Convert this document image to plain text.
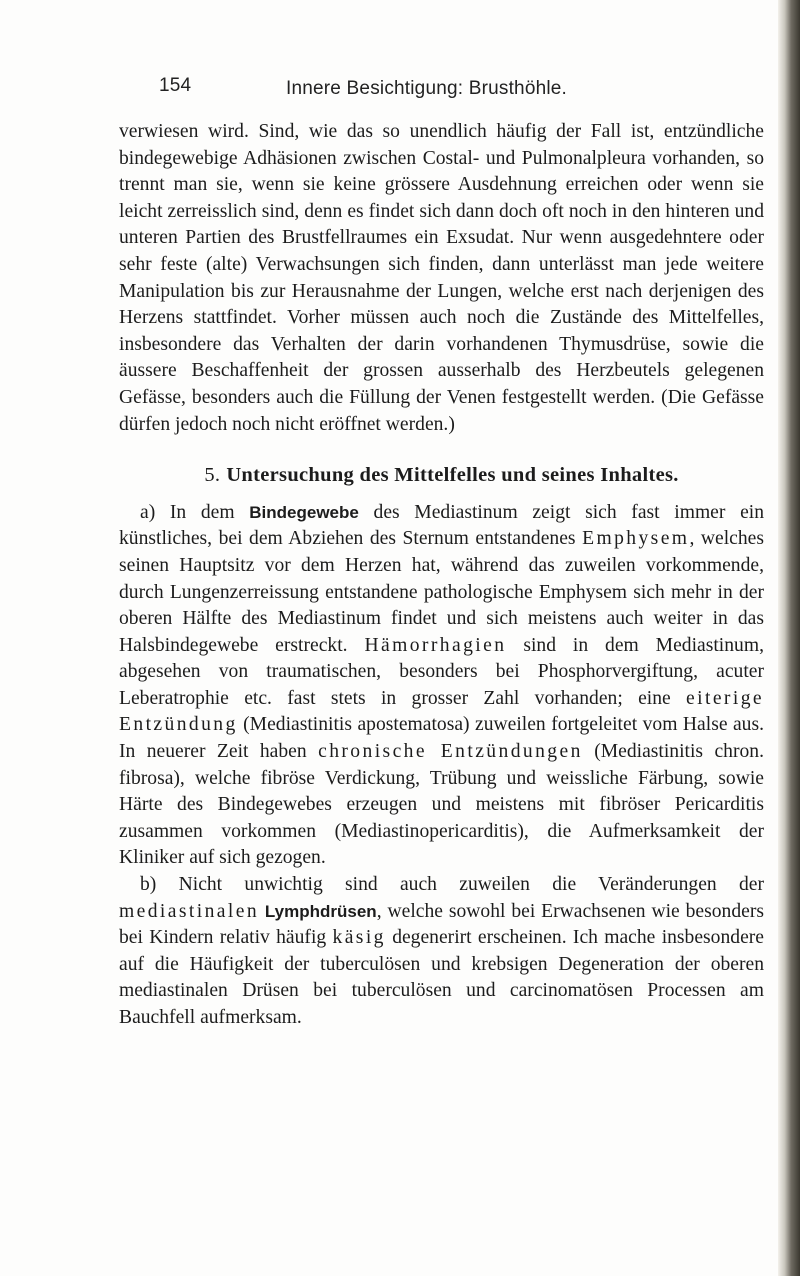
154	Innere Besichtigung: Brusthöhle.

verwiesen wird. Sind, wie das so unendlich häufig der Fall ist, entzündliche bindegewebige Adhäsionen zwischen Costal- und Pulmonalpleura vorhanden, so trennt man sie, wenn sie keine grössere Ausdehnung erreichen oder wenn sie leicht zerreisslich sind, denn es findet sich dann doch oft noch in den hinteren und unteren Partien des Brustfellraumes ein Exsudat. Nur wenn ausgedehntere oder sehr feste (alte) Verwachsungen sich finden, dann unterlässt man jede weitere Manipulation bis zur Herausnahme der Lungen, welche erst nach derjenigen des Herzens stattfindet. Vorher müssen auch noch die Zustände des Mittelfelles, insbesondere das Verhalten der darin vorhandenen Thymusdrüse, sowie die äussere Beschaffenheit der grossen ausserhalb des Herzbeutels gelegenen Gefässe, besonders auch die Füllung der Venen festgestellt werden. (Die Gefässe dürfen jedoch noch nicht eröffnet werden.)

5. Untersuchung des Mittelfelles und seines Inhaltes.

a) In dem Bindegewebe des Mediastinum zeigt sich fast immer ein künstliches, bei dem Abziehen des Sternum entstandenes Emphysem, welches seinen Hauptsitz vor dem Herzen hat, während das zuweilen vorkommende, durch Lungenzerreissung entstandene pathologische Emphysem sich mehr in der oberen Hälfte des Mediastinum findet und sich meistens auch weiter in das Halsbindegewebe erstreckt. Hämorrhagien sind in dem Mediastinum, abgesehen von traumatischen, besonders bei Phosphorvergiftung, acuter Leberatrophie etc. fast stets in grosser Zahl vorhanden; eine eiterige Entzündung (Mediastinitis apostematosa) zuweilen fortgeleitet vom Halse aus. In neuerer Zeit haben chronische Entzündungen (Mediastinitis chron. fibrosa), welche fibröse Verdickung, Trübung und weissliche Färbung, sowie Härte des Bindegewebes erzeugen und meistens mit fibröser Pericarditis zusammen vorkommen (Mediastinopericarditis), die Aufmerksamkeit der Kliniker auf sich gezogen.

b) Nicht unwichtig sind auch zuweilen die Veränderungen der mediastinalen Lymphdrüsen, welche sowohl bei Erwachsenen wie besonders bei Kindern relativ häufig käsig degenerirt erscheinen. Ich mache insbesondere auf die Häufigkeit der tuberculösen und krebsigen Degeneration der oberen mediastinalen Drüsen bei tuberculösen und carcinomatösen Processen am Bauchfell aufmerksam.
